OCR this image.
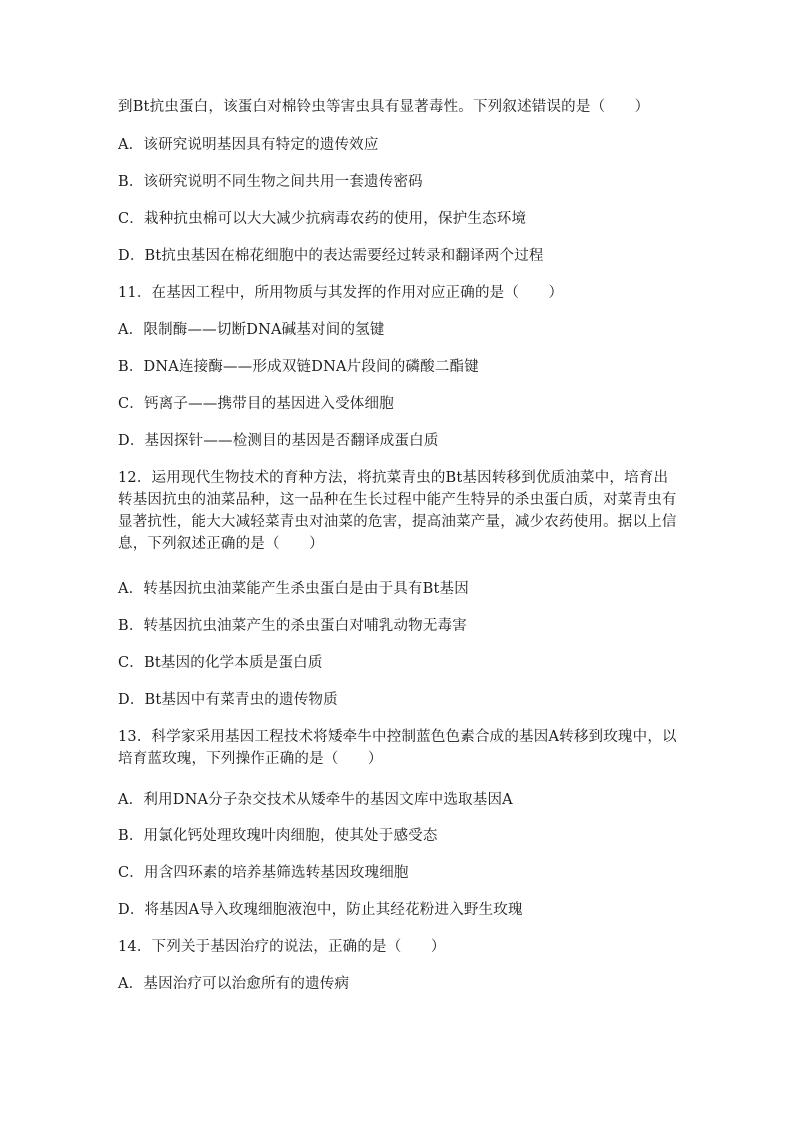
到Bt抗虫蛋白，该蛋白对棉铃虫等害虫具有显著毒性。下列叙述错误的是（　　）
A．该研究说明基因具有特定的遗传效应
B．该研究说明不同生物之间共用一套遗传密码
C．栽种抗虫棉可以大大减少抗病毒农药的使用，保护生态环境
D．Bt抗虫基因在棉花细胞中的表达需要经过转录和翻译两个过程
11．在基因工程中，所用物质与其发挥的作用对应正确的是（　　）
A．限制酶——切断DNA碱基对间的氢键
B．DNA连接酶——形成双链DNA片段间的磷酸二酯键
C．钙离子——携带目的基因进入受体细胞
D．基因探针——检测目的基因是否翻译成蛋白质
12．运用现代生物技术的育种方法，将抗菜青虫的Bt基因转移到优质油菜中，培育出
转基因抗虫的油菜品种，这一品种在生长过程中能产生特异的杀虫蛋白质，对菜青虫有
显著抗性，能大大减轻菜青虫对油菜的危害，提高油菜产量，减少农药使用。据以上信
息，下列叙述正确的是（　　）
A．转基因抗虫油菜能产生杀虫蛋白是由于具有Bt基因
B．转基因抗虫油菜产生的杀虫蛋白对哺乳动物无毒害
C．Bt基因的化学本质是蛋白质
D．Bt基因中有菜青虫的遗传物质
13．科学家采用基因工程技术将矮牵牛中控制蓝色色素合成的基因A转移到玫瑰中，以
培育蓝玫瑰，下列操作正确的是（　　）
A．利用DNA分子杂交技术从矮牵牛的基因文库中选取基因A
B．用氯化钙处理玫瑰叶肉细胞，使其处于感受态
C．用含四环素的培养基筛选转基因玫瑰细胞
D．将基因A导入玫瑰细胞液泡中，防止其经花粉进入野生玫瑰
14．下列关于基因治疗的说法，正确的是（　　）
A．基因治疗可以治愈所有的遗传病
